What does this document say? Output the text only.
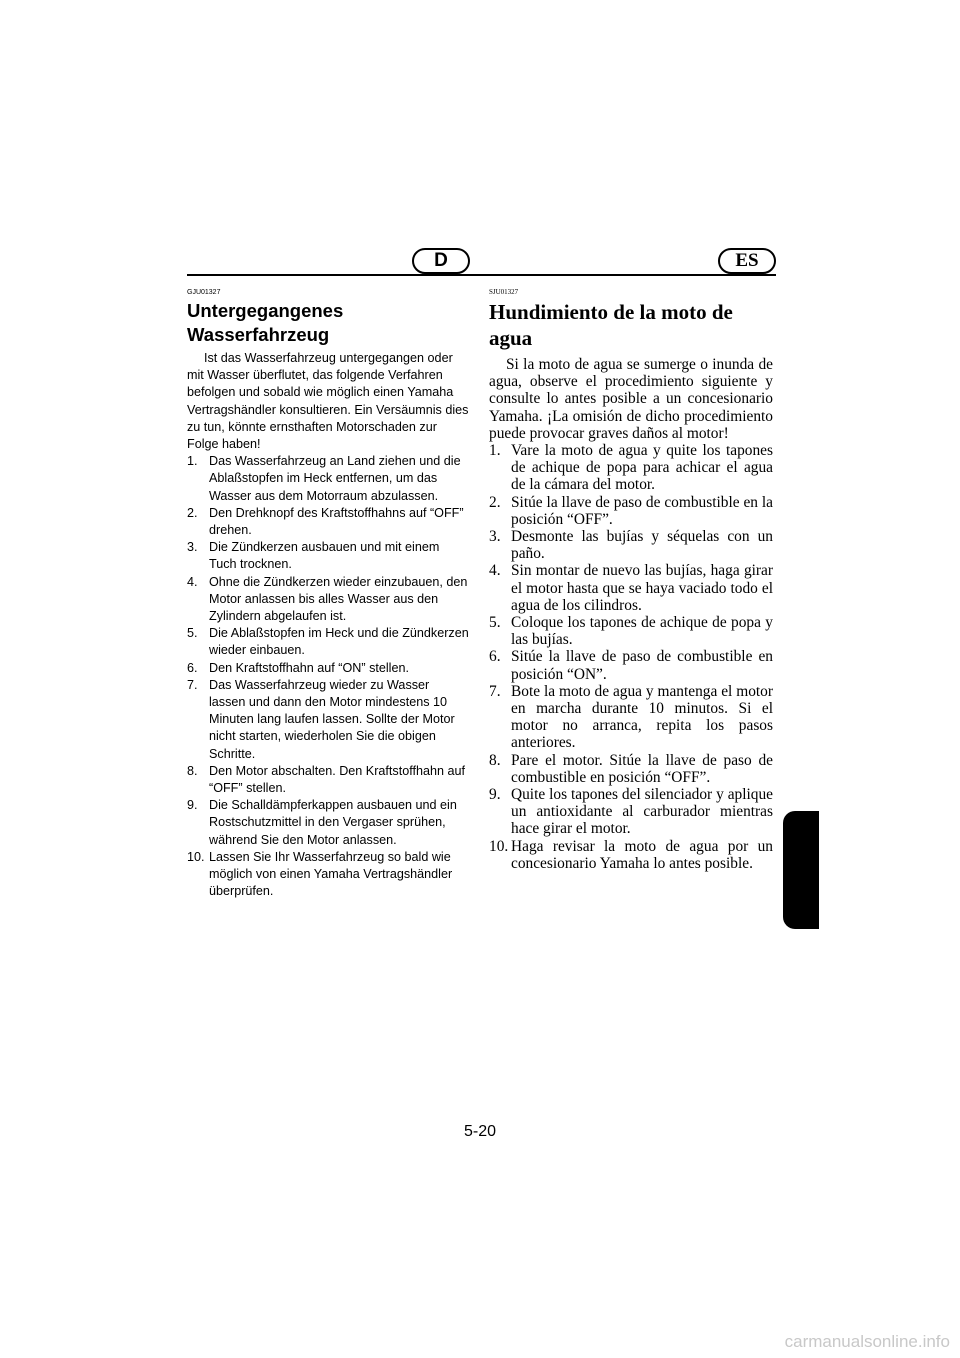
D	ES
GJU01327
Untergegangenes Wasserfahrzeug

Ist das Wasserfahrzeug untergegangen oder mit Wasser überflutet, das folgende Verfahren befolgen und sobald wie möglich einen Yamaha Vertragshändler konsultieren. Ein Versäumnis dies zu tun, könnte ernsthaften Motorschaden zur Folge haben!

1. Das Wasserfahrzeug an Land ziehen und die Ablaßstopfen im Heck entfernen, um das Wasser aus dem Motorraum abzulassen.
2. Den Drehknopf des Kraftstoffhahns auf “OFF” drehen.
3. Die Zündkerzen ausbauen und mit einem Tuch trocknen.
4. Ohne die Zündkerzen wieder einzubauen, den Motor anlassen bis alles Wasser aus den Zylindern abgelaufen ist.
5. Die Ablaßstopfen im Heck und die Zündkerzen wieder einbauen.
6. Den Kraftstoffhahn auf “ON” stellen.
7. Das Wasserfahrzeug wieder zu Wasser lassen und dann den Motor mindestens 10 Minuten lang laufen lassen. Sollte der Motor nicht starten, wiederholen Sie die obigen Schritte.
8. Den Motor abschalten. Den Kraftstoffhahn auf “OFF” stellen.
9. Die Schalldämpferkappen ausbauen und ein Rostschutzmittel in den Vergaser sprühen, während Sie den Motor anlassen.
10. Lassen Sie Ihr Wasserfahrzeug so bald wie möglich von einen Yamaha Vertragshändler überprüfen.
SJU01327
Hundimiento de la moto de agua

Si la moto de agua se sumerge o inunda de agua, observe el procedimiento siguiente y consulte lo antes posible a un concesionario Yamaha. ¡La omisión de dicho procedimiento puede provocar graves daños al motor!

1. Vare la moto de agua y quite los tapones de achique de popa para achicar el agua de la cámara del motor.
2. Sitúe la llave de paso de combustible en la posición “OFF”.
3. Desmonte las bujías y séquelas con un paño.
4. Sin montar de nuevo las bujías, haga girar el motor hasta que se haya vaciado todo el agua de los cilindros.
5. Coloque los tapones de achique de popa y las bujías.
6. Sitúe la llave de paso de combustible en posición “ON”.
7. Bote la moto de agua y mantenga el motor en marcha durante 10 minutos. Si el motor no arranca, repita los pasos anteriores.
8. Pare el motor. Sitúe la llave de paso de combustible en posición “OFF”.
9. Quite los tapones del silenciador y aplique un antioxidante al carburador mientras hace girar el motor.
10. Haga revisar la moto de agua por un concesionario Yamaha lo antes posible.
5-20
carmanualsonline.info
